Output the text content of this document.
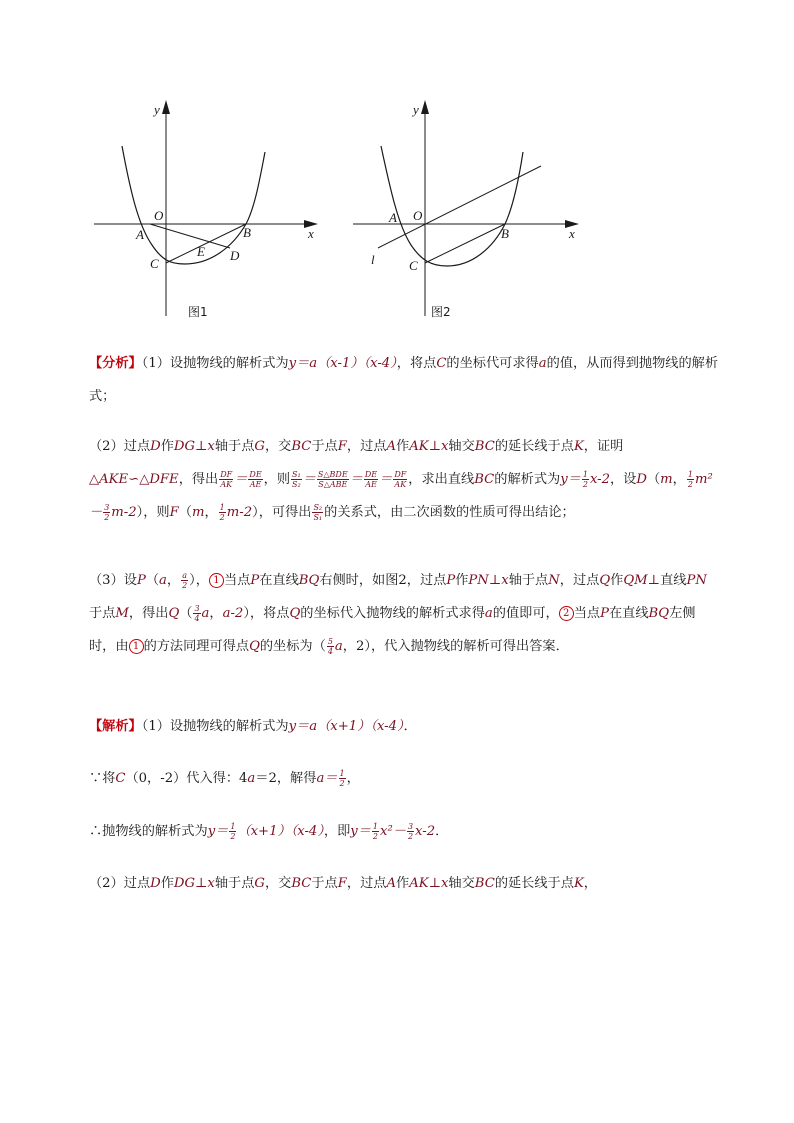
y
x
O
A	B
C
E D
图1
y
x
O
A
B
C
l
图2
【分析】（1）设抛物线的解析式为y＝a（x-1）（x-4），将点C的坐标代可求得a的值，从而得到抛物线的解析式；
（2）过点D作DG⊥x轴于点G，交BC于点F，过点A作AK⊥x轴交BC的延长线于点K，证明△AKE∽△DFE，得出 $\frac{DF}{AK} = \frac{DE}{AE}$ ，则 $\frac{\text{S₁}}{\text{S₂}}$ ＝ S△BDE
S△ABE ＝ $\frac{DE}{AE} = \frac{DF}{AK}$ ，求出直线BC的解析式为$y= \frac{1}{2} x-2$，设D（m， $\frac{1}{2} m^2- \frac{3}{2} m-2$），则F（m， $\frac{1}{2} m-2$），可得出 $\frac{\text{S₂}}{\text{S₁}}$ 的关系式，由二次函数的性质可得出结论；
（3）设P（a， $\frac{a}{2}$ ）， 1 当点P在直线BQ右侧时，如图2，过点P作PN⊥x轴于点N，过点Q作QM⊥直线PN于点M，得出$Q( \frac{3}{4}$ a，a-2），将点Q的坐标代入抛物线的解析式求得a的值即可， 2 当点P在直线BQ左侧时，由 1 的方法同理可得点Q的坐标为（ $\frac{5}{4}$ a，2），代入抛物线的解析可得出答案．
【解析】（1）设抛物线的解析式为y＝a（x+1）（x-4）．
∵将C（0，-2）代入得：4a＝2，解得$a= \frac{1}{2}$ ，
∴抛物线的解析式为$y= \frac{1}{2} (x+1)(x-4)$，即$y= \frac{1}{2} x^2- \frac{3}{2} x-2$．
（2）过点D作DG⊥x轴于点G，交BC于点F，过点A作AK⊥x轴交BC的延长线于点K，
